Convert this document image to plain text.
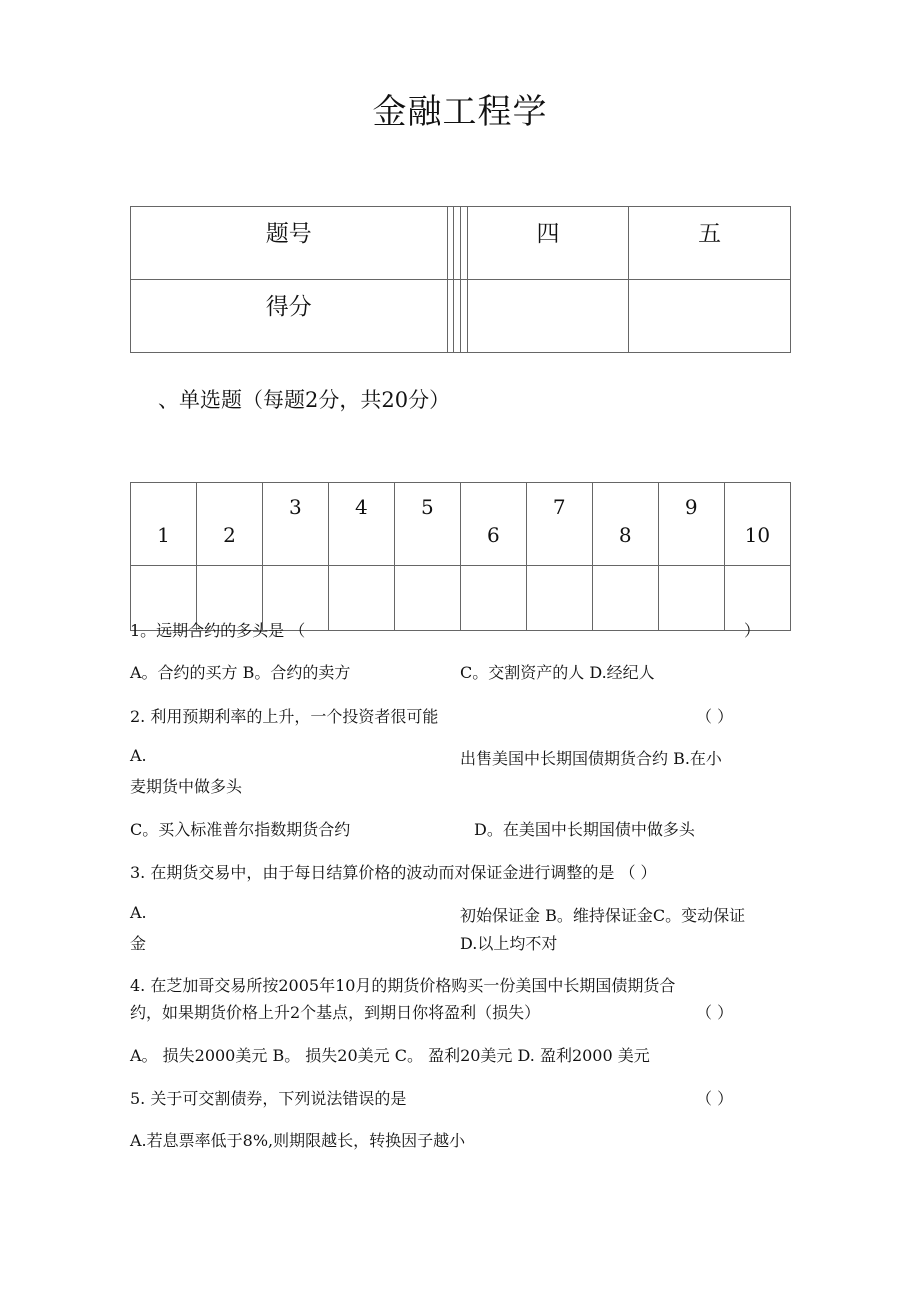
金融工程学
题号				四	五
得分					
、单选题（每题2分，共20分）
1	2	3	4	5	6	7	8	9	10

1。远期合约的多头是 （	）
A。合约的买方 B。合约的卖方	C。交割资产的人 D.经纪人
2. 利用预期利率的上升，一个投资者很可能	（ ）
A.	出售美国中长期国债期货合约 B.在小
麦期货中做多头
C。买入标准普尔指数期货合约	D。在美国中长期国债中做多头
3. 在期货交易中，由于每日结算价格的波动而对保证金进行调整的是 （ ）
A.	初始保证金 B。维持保证金C。变动保证
金	D.以上均不对
4. 在芝加哥交易所按2005年10月的期货价格购买一份美国中长期国债期货合
约，如果期货价格上升2个基点，到期日你将盈利（损失）	（ ）
A。 损失2000美元 B。 损失20美元 C。 盈利20美元 D. 盈利2000 美元
5. 关于可交割债券，下列说法错误的是	（ ）
A.若息票率低于8%,则期限越长，转换因子越小
